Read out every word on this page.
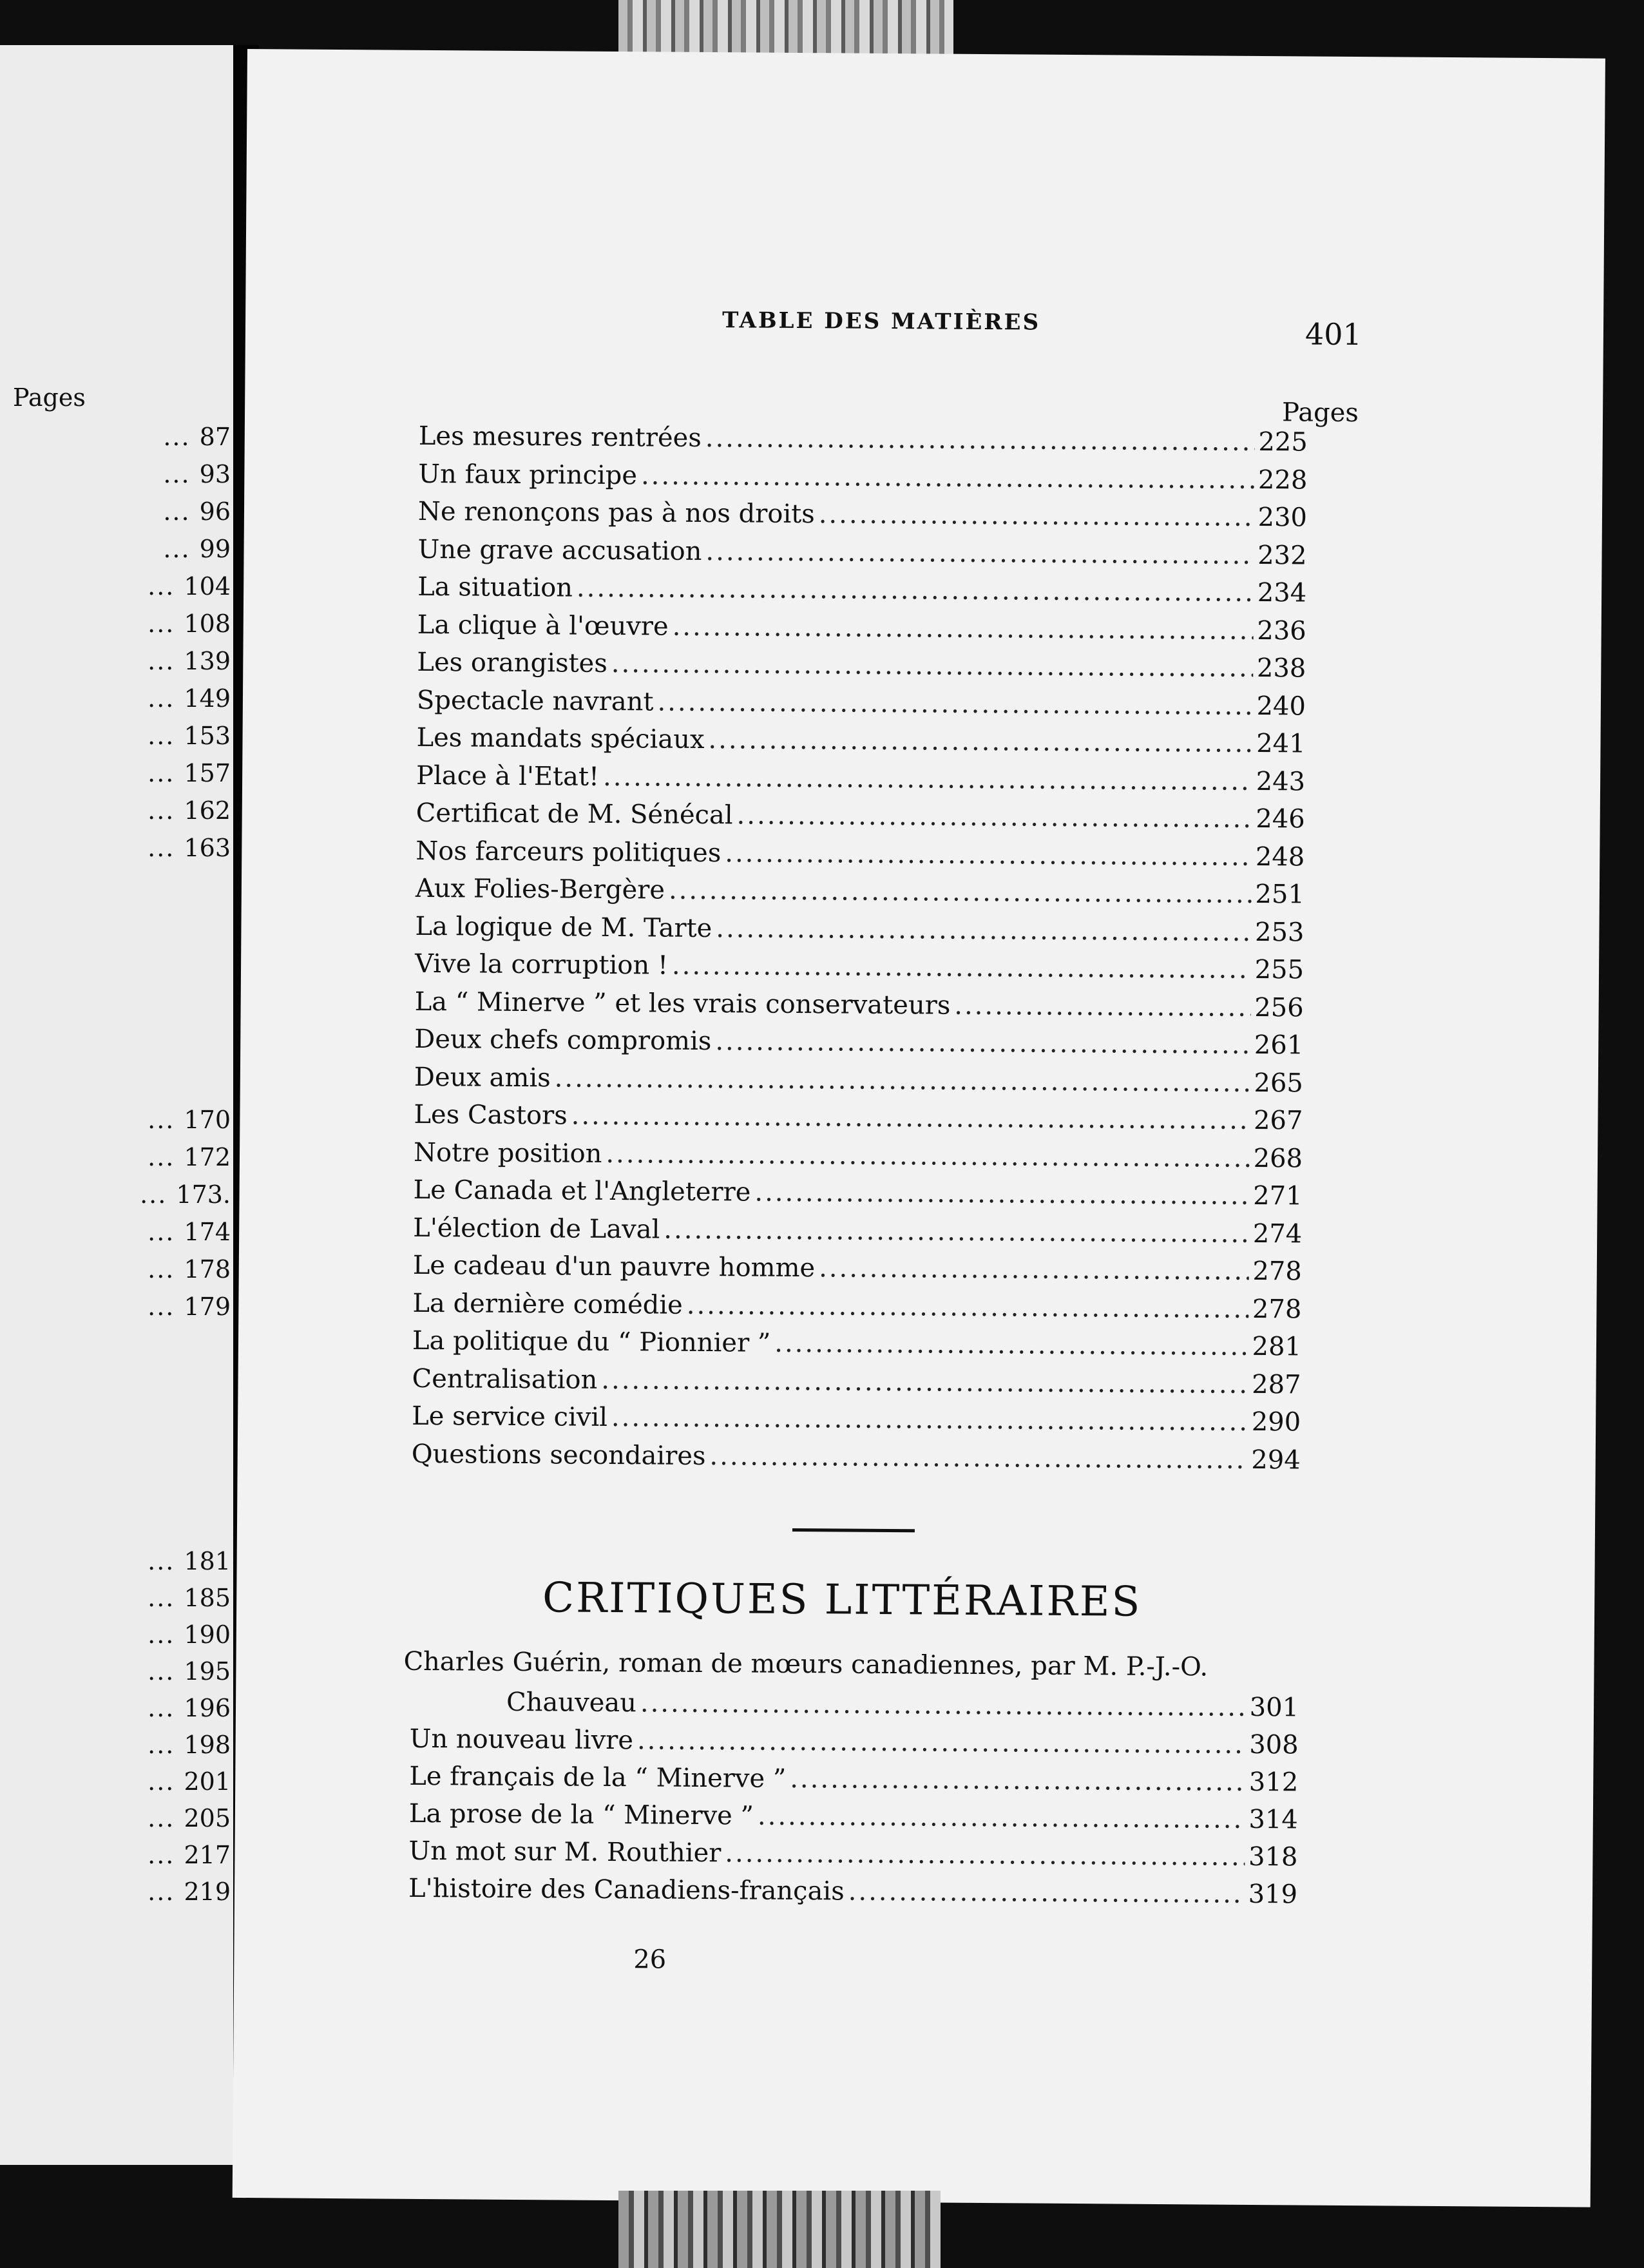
Pages
... 87
... 93
... 96
... 99
... 104
... 108
... 139
... 149
... 153
... 157
... 162
... 163
... 170
... 172
... 173.
... 174
... 178
... 179
... 181
... 185
... 190
... 195
... 196
... 198
... 201
... 205
... 217
... 219
TABLE DES MATIÈRES	401
Pages
Les mesures rentrées .....	225
Un faux principe .....	228
Ne renonçons pas à nos droits .....	230
Une grave accusation .....	232
La situation .....	234
La clique à l'œuvre .....	236
Les orangistes .....	238
Spectacle navrant .....	240
Les mandats spéciaux .....	241
Place à l'Etat! .....	243
Certificat de M. Sénécal .....	246
Nos farceurs politiques .....	248
Aux Folies-Bergère .....	251
La logique de M. Tarte .....	253
Vive la corruption ! .....	255
La “ Minerve ” et les vrais conservateurs .....	256
Deux chefs compromis .....	261
Deux amis .....	265
Les Castors .....	267
Notre position .....	268
Le Canada et l'Angleterre .....	271
L'élection de Laval .....	274
Le cadeau d'un pauvre homme .....	278
La dernière comédie .....	278
La politique du “ Pionnier ” .....	281
Centralisation .....	287
Le service civil .....	290
Questions secondaires .....	294
CRITIQUES LITTÉRAIRES
Charles Guérin, roman de mœurs canadiennes, par M. P.-J.-O.
Chauveau .....	301
Un nouveau livre .....	308
Le français de la “ Minerve ” .....	312
La prose de la “ Minerve ” .....	314
Un mot sur M. Routhier .....	318
L'histoire des Canadiens-français .....	319
26
